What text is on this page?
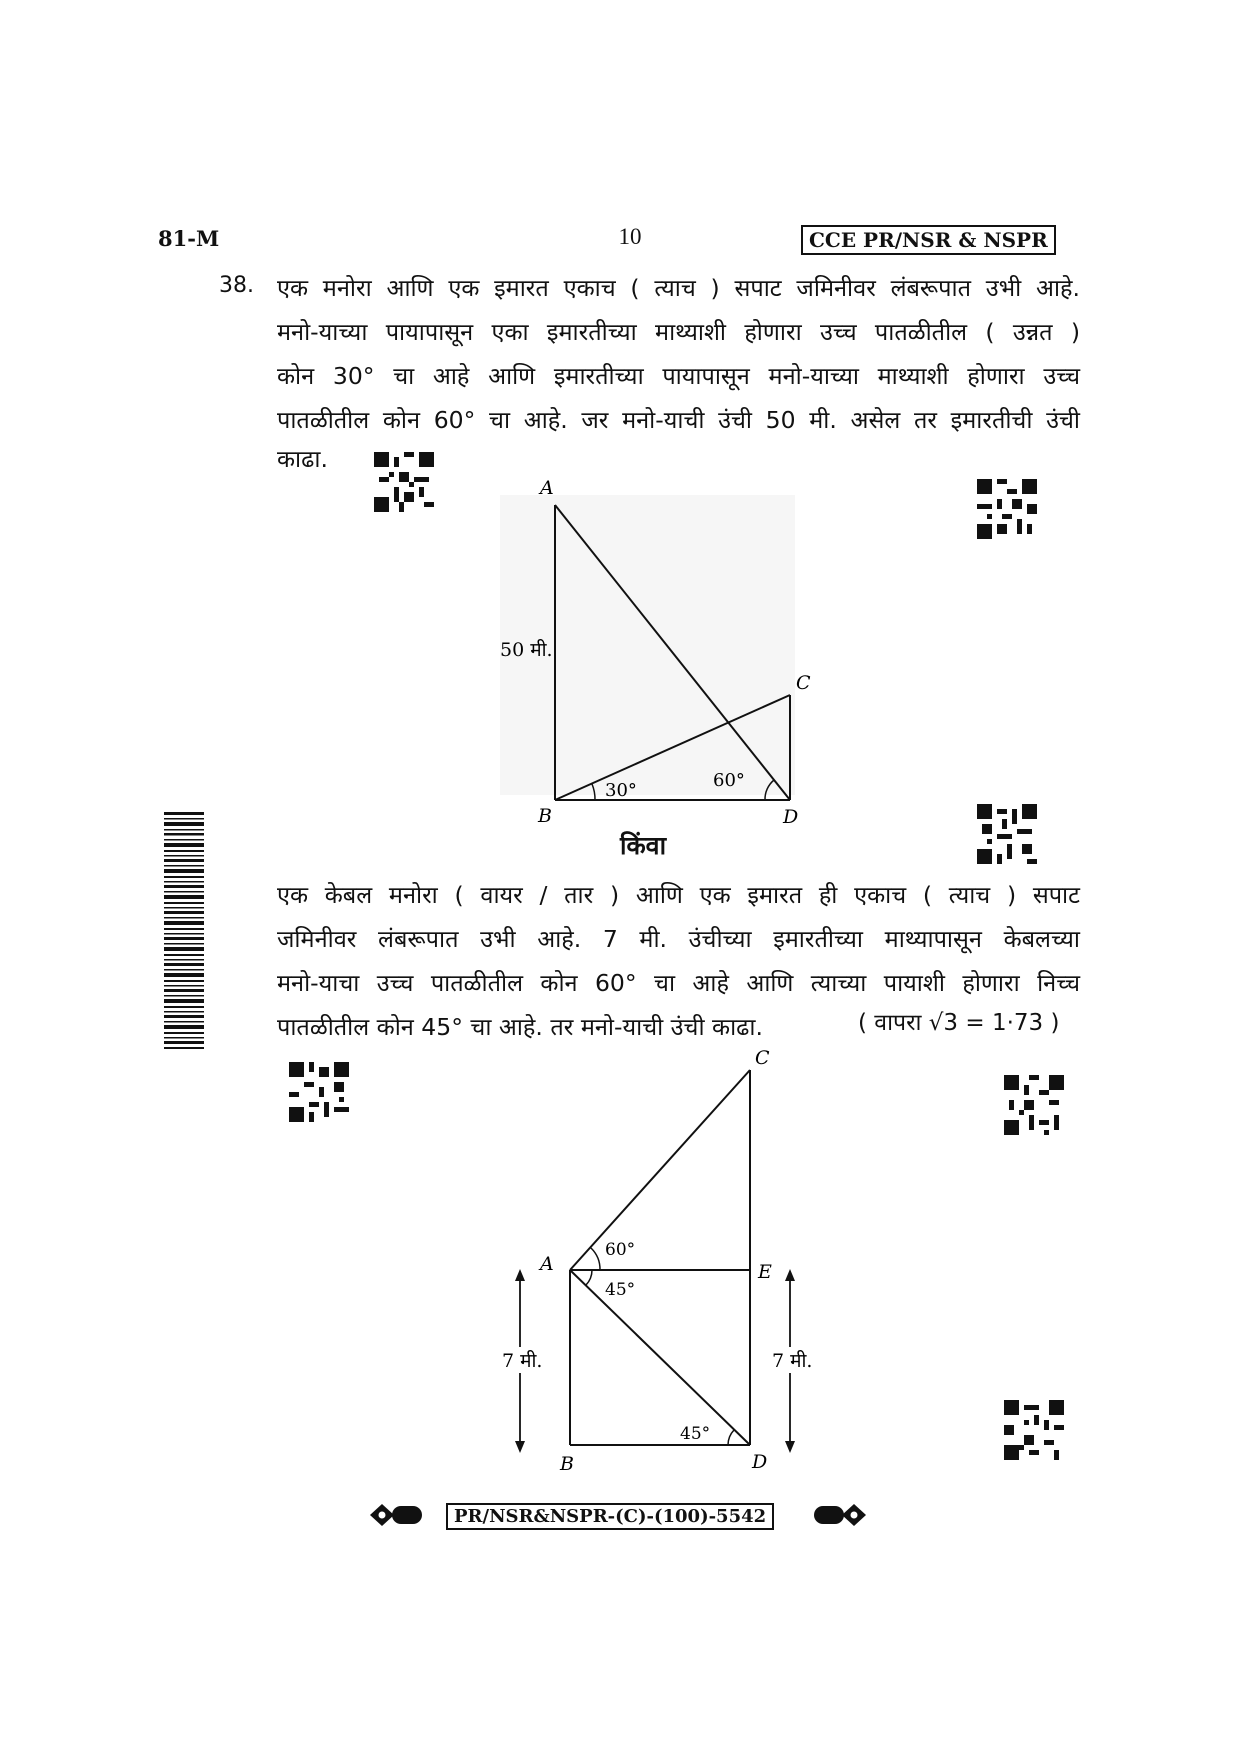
81-M	10	CCE PR/NSR & NSPR
38. एक मनोरा आणि एक इमारत एकाच ( त्याच ) सपाट जमिनीवर लंबरूपात उभी आहे.

मनो-याच्या पायापासून एका इमारतीच्या माथ्याशी होणारा उच्च पातळीतील ( उन्नत )

कोन 30° चा आहे आणि इमारतीच्या पायापासून मनो-याच्या माथ्याशी होणारा उच्च

पातळीतील कोन 60° चा आहे. जर मनो-याची उंची 50 मी. असेल तर इमारतीची उंची

काढा.
A
B
C
D
50 मी.
30°	60°
किंवा

एक केबल मनोरा ( वायर / तार ) आणि एक इमारत ही एकाच ( त्याच ) सपाट

जमिनीवर लंबरूपात उभी आहे. 7 मी. उंचीच्या इमारतीच्या माथ्यापासून केबलच्या

मनो-याचा उच्च पातळीतील कोन 60° चा आहे आणि त्याच्या पायाशी होणारा निच्च

पातळीतील कोन 45° चा आहे. तर मनो-याची उंची काढा.	( वापरा √3 = 1·73 )
A
B
C
D
E
60°
45°
45°
7 मी.	7 मी.
PR/NSR&NSPR-(C)-(100)-5542
